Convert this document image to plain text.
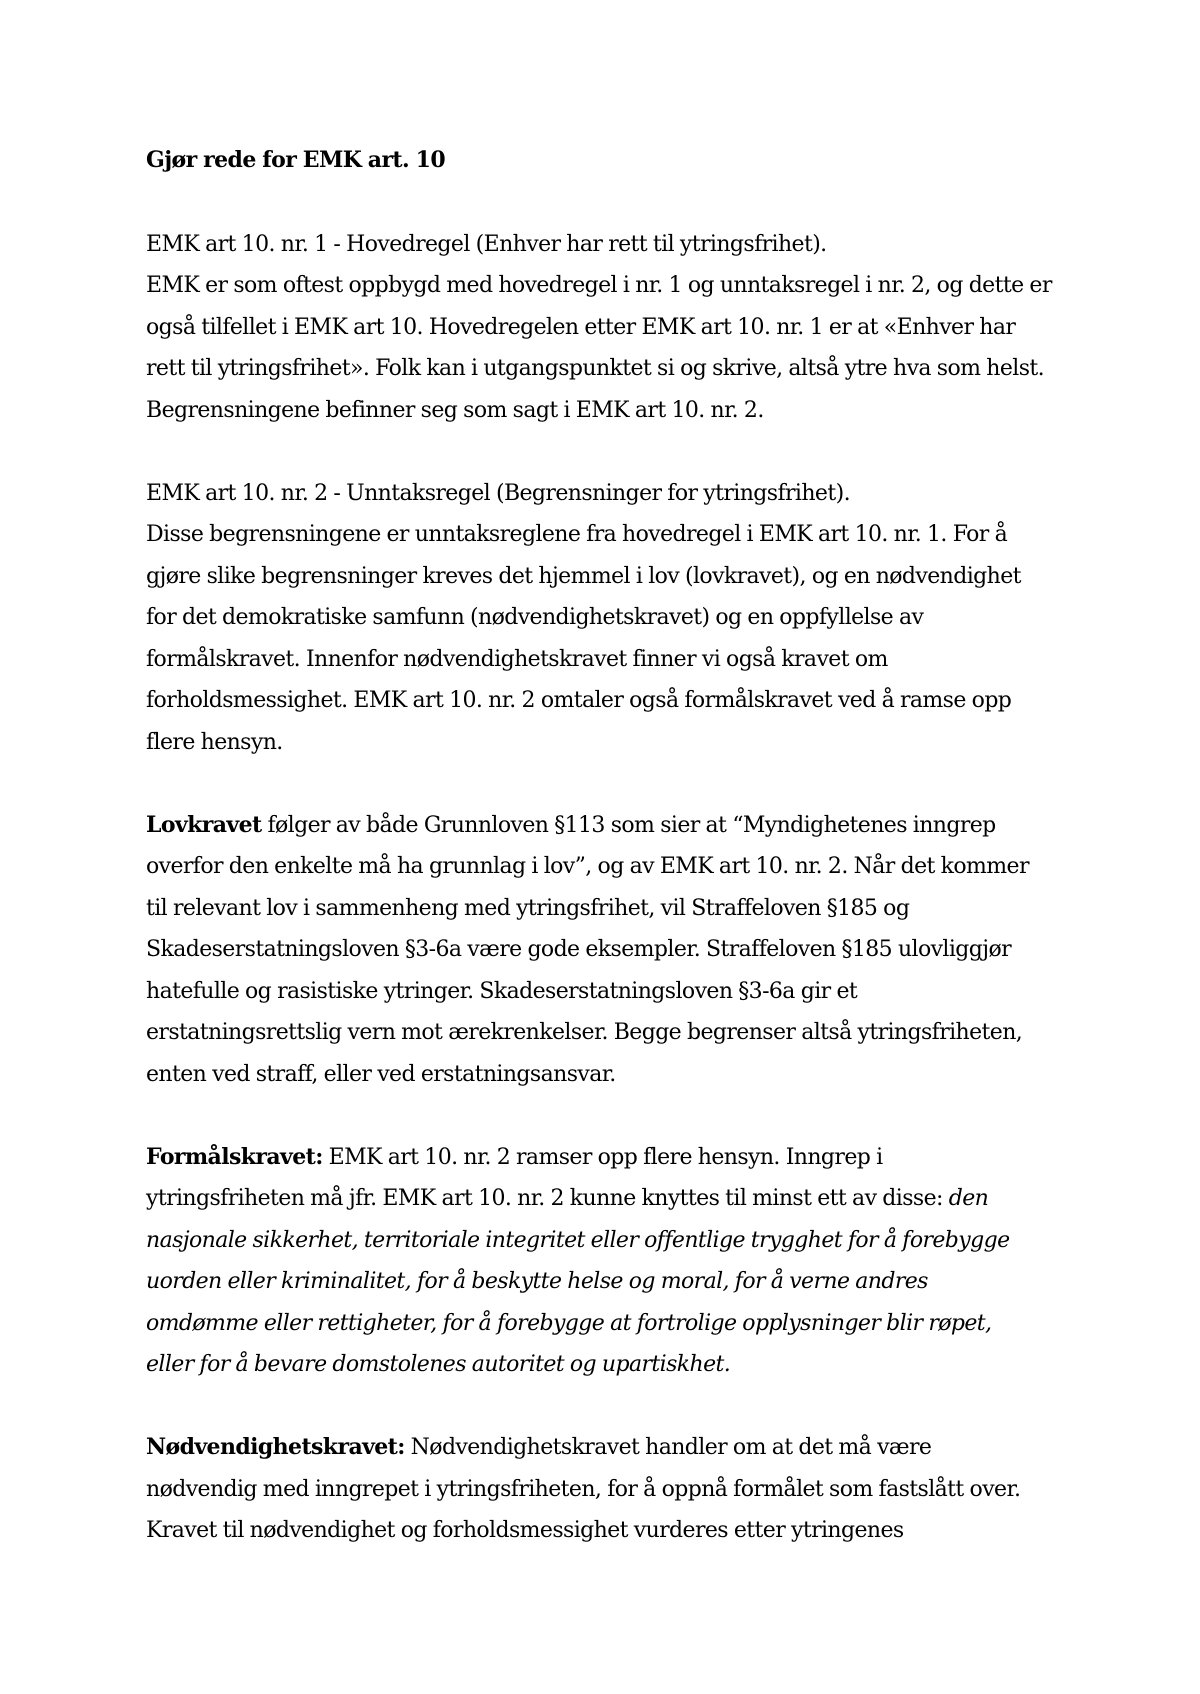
Gjør rede for EMK art. 10
EMK art 10. nr. 1 - Hovedregel (Enhver har rett til ytringsfrihet).
EMK er som oftest oppbygd med hovedregel i nr. 1 og unntaksregel i nr. 2, og dette er
også tilfellet i EMK art 10. Hovedregelen etter EMK art 10. nr. 1 er at «Enhver har
rett til ytringsfrihet». Folk kan i utgangspunktet si og skrive, altså ytre hva som helst.
Begrensningene befinner seg som sagt i EMK art 10. nr. 2.
EMK art 10. nr. 2 - Unntaksregel (Begrensninger for ytringsfrihet).
Disse begrensningene er unntaksreglene fra hovedregel i EMK art 10. nr. 1. For å
gjøre slike begrensninger kreves det hjemmel i lov (lovkravet), og en nødvendighet
for det demokratiske samfunn (nødvendighetskravet) og en oppfyllelse av
formålskravet. Innenfor nødvendighetskravet finner vi også kravet om
forholdsmessighet. EMK art 10. nr. 2 omtaler også formålskravet ved å ramse opp
flere hensyn.
Lovkravet følger av både Grunnloven §113 som sier at “Myndighetenes inngrep
overfor den enkelte må ha grunnlag i lov”, og av EMK art 10. nr. 2. Når det kommer
til relevant lov i sammenheng med ytringsfrihet, vil Straffeloven §185 og
Skadeserstatningsloven §3-6a være gode eksempler. Straffeloven §185 ulovliggjør
hatefulle og rasistiske ytringer. Skadeserstatningsloven §3-6a gir et
erstatningsrettslig vern mot ærekrenkelser. Begge begrenser altså ytringsfriheten,
enten ved straff, eller ved erstatningsansvar.
Formålskravet: EMK art 10. nr. 2 ramser opp flere hensyn. Inngrep i
ytringsfriheten må jfr. EMK art 10. nr. 2 kunne knyttes til minst ett av disse: den
nasjonale sikkerhet, territoriale integritet eller offentlige trygghet for å forebygge
uorden eller kriminalitet, for å beskytte helse og moral, for å verne andres
omdømme eller rettigheter, for å forebygge at fortrolige opplysninger blir røpet,
eller for å bevare domstolenes autoritet og upartiskhet.
Nødvendighetskravet: Nødvendighetskravet handler om at det må være
nødvendig med inngrepet i ytringsfriheten, for å oppnå formålet som fastslått over.
Kravet til nødvendighet og forholdsmessighet vurderes etter ytringenes
